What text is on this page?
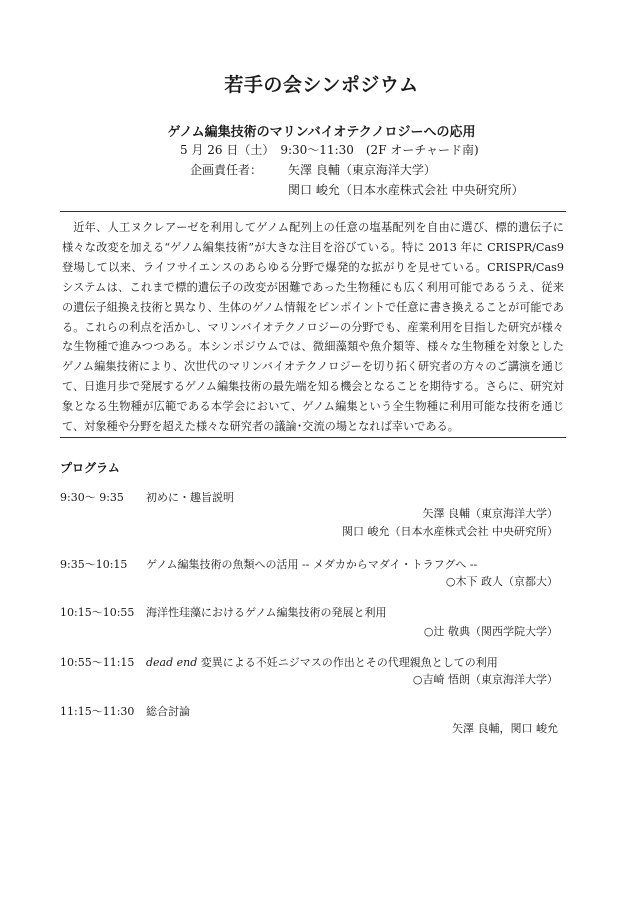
若手の会シンポジウム
ゲノム編集技術のマリンバイオテクノロジーへの応用
5 月 26 日（土）　9:30〜11:30　(2F オーチャード南)
企画責任者： 矢澤 良輔（東京海洋大学）
関口 峻允（日本水産株式会社 中央研究所）

近年、人工ヌクレアーゼを利用してゲノム配列上の任意の塩基配列を自由に選び、標的遺伝子に様々な改変を加える“ゲノム編集技術”が大きな注目を浴びている。特に 2013 年に CRISPR/Cas9 登場して以来、ライフサイエンスのあらゆる分野で爆発的な拡がりを見せている。CRISPR/Cas9 システムは、これまで標的遺伝子の改変が困難であった生物種にも広く利用可能であるうえ、従来の遺伝子組換え技術と異なり、生体のゲノム情報をピンポイントで任意に書き換えることが可能である。これらの利点を活かし、マリンバイオテクノロジーの分野でも、産業利用を目指した研究が様々な生物種で進みつつある。本シンポジウムでは、微細藻類や魚介類等、様々な生物種を対象としたゲノム編集技術により、次世代のマリンバイオテクノロジーを切り拓く研究者の方々のご講演を通じて、日進月歩で発展するゲノム編集技術の最先端を知る機会となることを期待する。さらに、研究対象となる生物種が広範である本学会において、ゲノム編集という全生物種に利用可能な技術を通じて、対象種や分野を超えた様々な研究者の議論･交流の場となれば幸いである。

プログラム
9:30〜 9:35 初めに・趣旨説明
矢澤 良輔（東京海洋大学）
関口 峻允（日本水産株式会社 中央研究所）
9:35〜10:15 ゲノム編集技術の魚類への活用 -- メダカからマダイ・トラフグへ --
○木下 政人（京都大）
10:15〜10:55 海洋性珪藻におけるゲノム編集技術の発展と利用
○辻 敬典（関西学院大学）
10:55〜11:15 dead end 変異による不妊ニジマスの作出とその代理親魚としての利用
○吉崎 悟朗（東京海洋大学）
11:15〜11:30 総合討論
矢澤 良輔，関口 峻允
